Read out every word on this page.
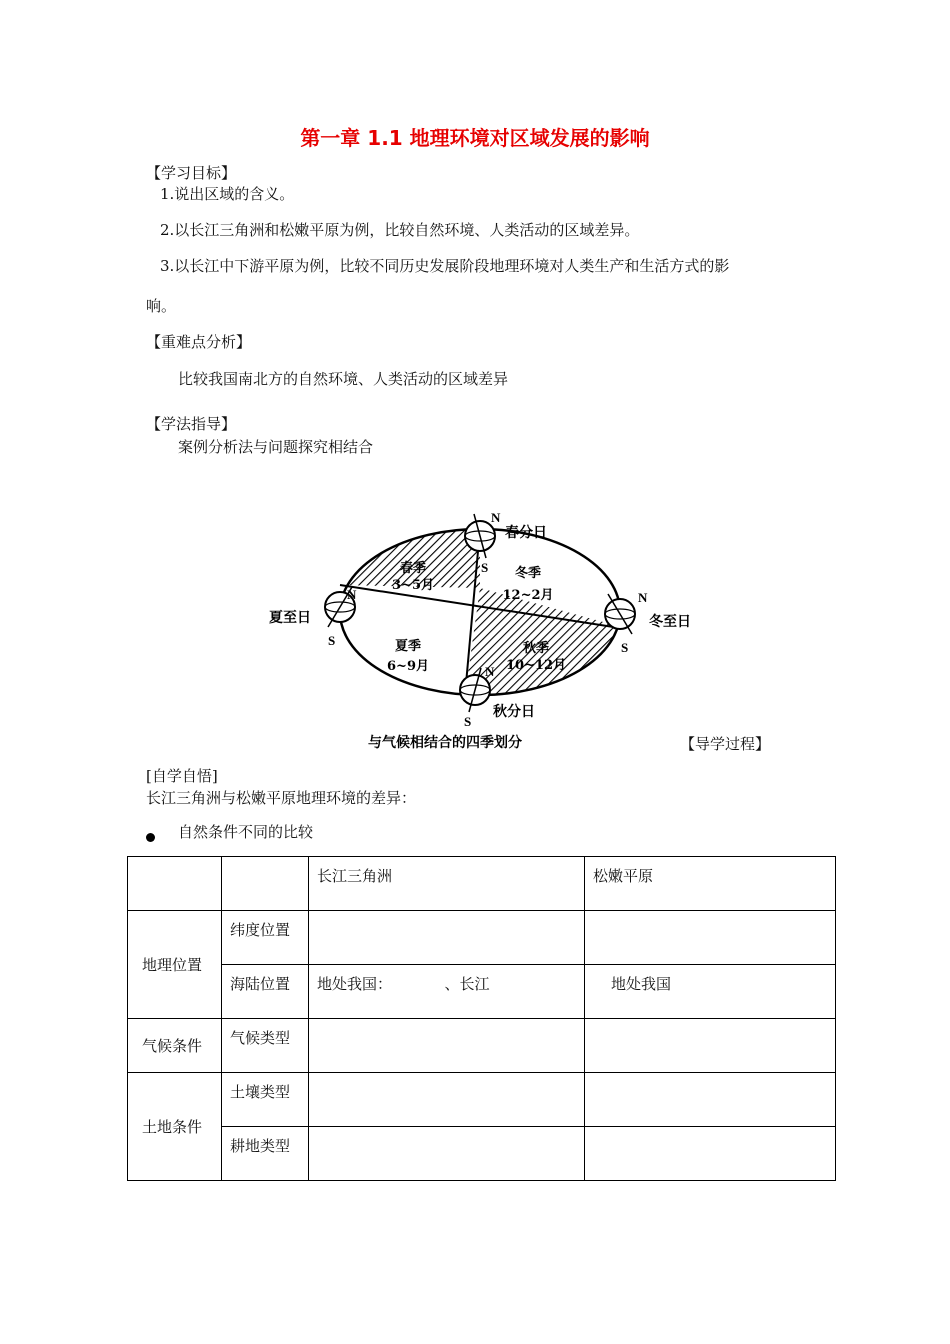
第一章 1.1 地理环境对区域发展的影响
【学习目标】
1.说出区域的含义。
2.以长江三角洲和松嫩平原为例，比较自然环境、人类活动的区域差异。
3.以长江中下游平原为例，比较不同历史发展阶段地理环境对人类生产和生活方式的影
响。
【重难点分析】
比较我国南北方的自然环境、人类活动的区域差异
【学法指导】
案例分析法与问题探究相结合
N
S
春分日
N
S
夏至日
N
S
秋分日
N
S
冬至日
春季
3~5月
冬季
12~2月
夏季
6~9月
秋季
10~12月
与气候相结合的四季划分	【导学过程】
[自学自悟]
长江三角洲与松嫩平原地理环境的差异：
自然条件不同的比较
		长江三角洲	松嫩平原
地理位置	纬度位置		
	海陆位置	地处我国：           、长江	地处我国
气候条件	气候类型		
土地条件	土壤类型		
	耕地类型		
